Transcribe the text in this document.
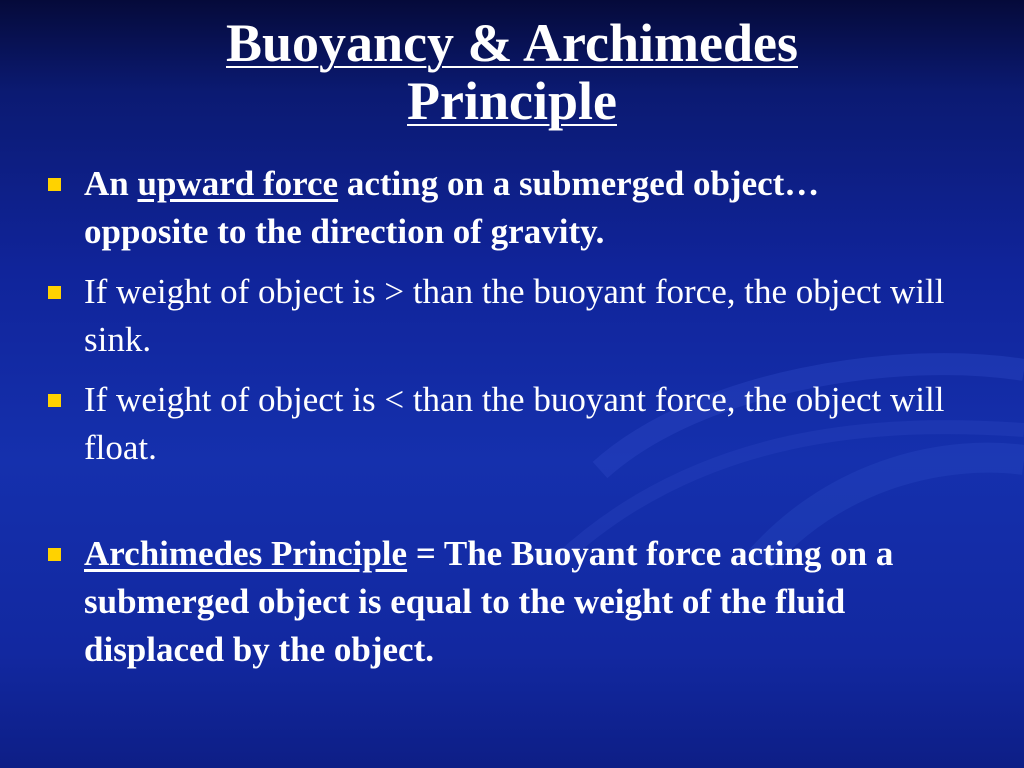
Buoyancy & Archimedes
Principle
An upward force acting on a submerged object… opposite to the direction of gravity.
If weight of object is > than the buoyant force, the object will sink.
If weight of object is < than the buoyant force, the object will float.
Archimedes Principle = The Buoyant force acting on a submerged object is equal to the weight of the fluid displaced by the object.
